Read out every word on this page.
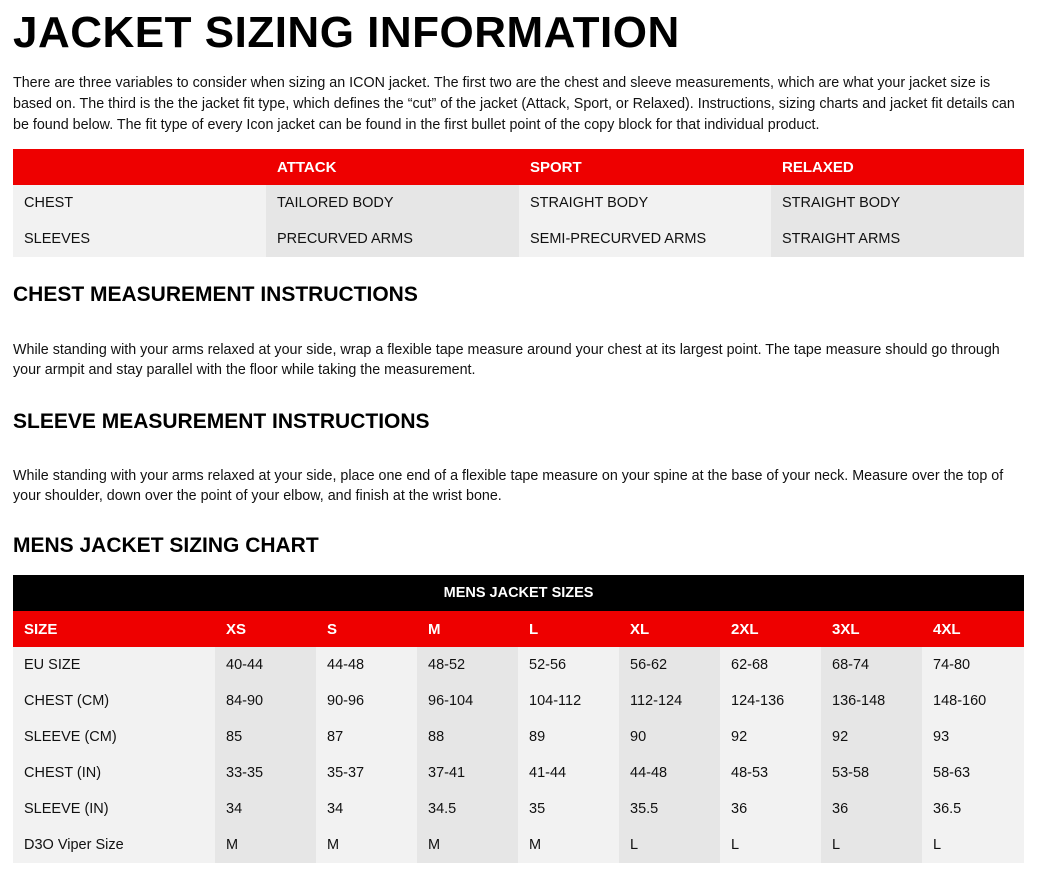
JACKET SIZING INFORMATION

There are three variables to consider when sizing an ICON jacket. The first two are the chest and sleeve measurements, which are what your jacket size is based on. The third is the the jacket fit type, which defines the “cut” of the jacket (Attack, Sport, or Relaxed). Instructions, sizing charts and jacket fit details can be found below. The fit type of every Icon jacket can be found in the first bullet point of the copy block for that individual product.

	ATTACK	SPORT	RELAXED
CHEST	TAILORED BODY	STRAIGHT BODY	STRAIGHT BODY
SLEEVES	PRECURVED ARMS	SEMI-PRECURVED ARMS	STRAIGHT ARMS
CHEST MEASUREMENT INSTRUCTIONS

While standing with your arms relaxed at your side, wrap a flexible tape measure around your chest at its largest point. The tape measure should go through your armpit and stay parallel with the floor while taking the measurement.

SLEEVE MEASUREMENT INSTRUCTIONS

While standing with your arms relaxed at your side, place one end of a flexible tape measure on your spine at the base of your neck. Measure over the top of your shoulder, down over the point of your elbow, and finish at the wrist bone.

MENS JACKET SIZING CHART
MENS JACKET SIZES								
SIZE	XS	S	M	L	XL	2XL	3XL	4XL
EU SIZE	40-44	44-48	48-52	52-56	56-62	62-68	68-74	74-80
CHEST (CM)	84-90	90-96	96-104	104-112	112-124	124-136	136-148	148-160
SLEEVE (CM)	85	87	88	89	90	92	92	93
CHEST (IN)	33-35	35-37	37-41	41-44	44-48	48-53	53-58	58-63
SLEEVE (IN)	34	34	34.5	35	35.5	36	36	36.5
D3O Viper Size	M	M	M	M	L	L	L	L
